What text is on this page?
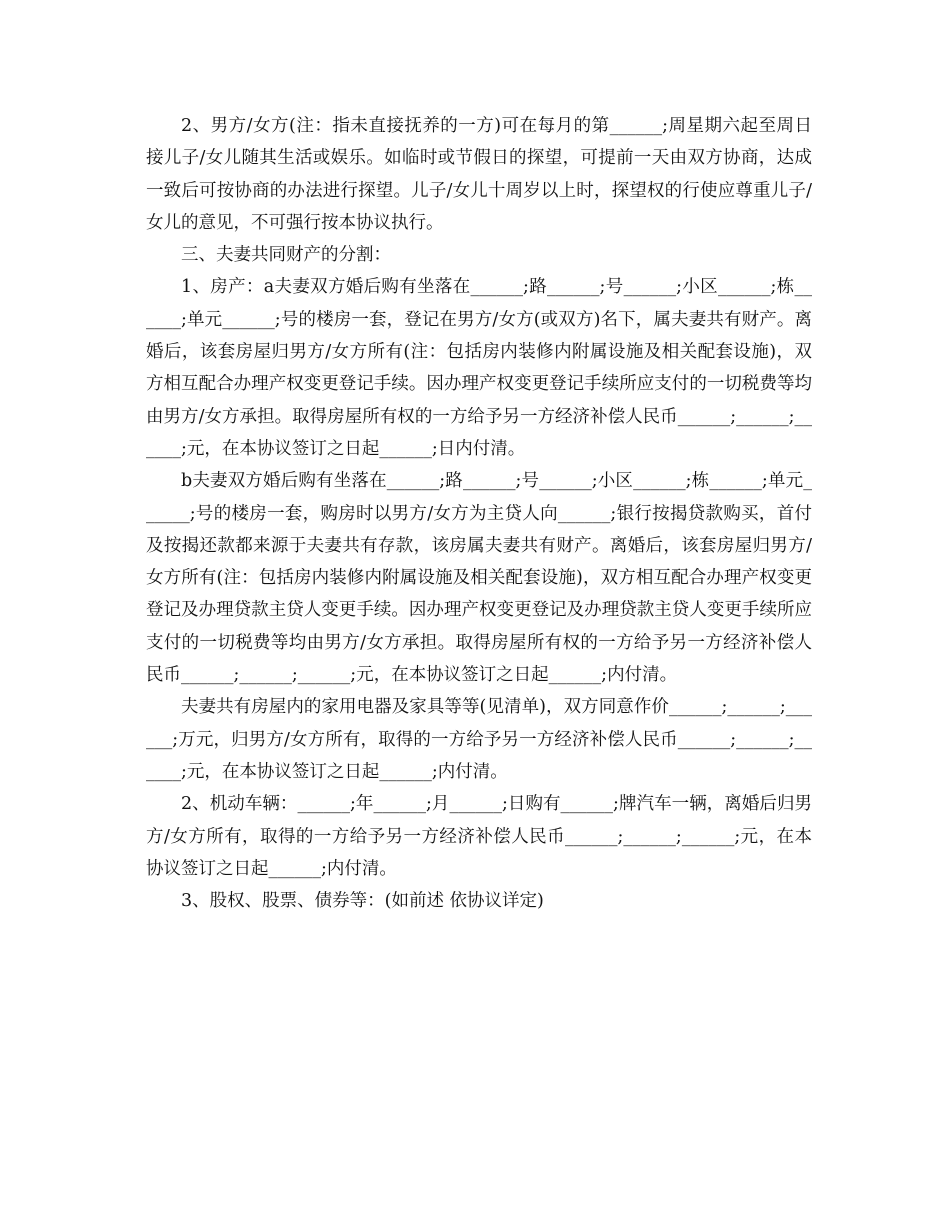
2、男方/女方(注：指未直接抚养的一方)可在每月的第______;周星期六起至周日接儿子/女儿随其生活或娱乐。如临时或节假日的探望，可提前一天由双方协商，达成一致后可按协商的办法进行探望。儿子/女儿十周岁以上时，探望权的行使应尊重儿子/女儿的意见，不可强行按本协议执行。

三、夫妻共同财产的分割：

1、房产：a夫妻双方婚后购有坐落在______;路______;号______;小区______;栋______;单元______;号的楼房一套，登记在男方/女方(或双方)名下，属夫妻共有财产。离婚后，该套房屋归男方/女方所有(注：包括房内装修内附属设施及相关配套设施)，双方相互配合办理产权变更登记手续。因办理产权变更登记手续所应支付的一切税费等均由男方/女方承担。取得房屋所有权的一方给予另一方经济补偿人民币______;______;______;元，在本协议签订之日起______;日内付清。

b夫妻双方婚后购有坐落在______;路______;号______;小区______;栋______;单元______;号的楼房一套，购房时以男方/女方为主贷人向______;银行按揭贷款购买，首付及按揭还款都来源于夫妻共有存款，该房属夫妻共有财产。离婚后，该套房屋归男方/女方所有(注：包括房内装修内附属设施及相关配套设施)，双方相互配合办理产权变更登记及办理贷款主贷人变更手续。因办理产权变更登记及办理贷款主贷人变更手续所应支付的一切税费等均由男方/女方承担。取得房屋所有权的一方给予另一方经济补偿人民币______;______;______;元，在本协议签订之日起______;内付清。

夫妻共有房屋内的家用电器及家具等等(见清单)，双方同意作价______;______;______;万元，归男方/女方所有，取得的一方给予另一方经济补偿人民币______;______;______;元，在本协议签订之日起______;内付清。

2、机动车辆：______;年______;月______;日购有______;牌汽车一辆，离婚后归男方/女方所有，取得的一方给予另一方经济补偿人民币______;______;______;元，在本协议签订之日起______;内付清。

3、股权、股票、债券等：(如前述 依协议详定)
